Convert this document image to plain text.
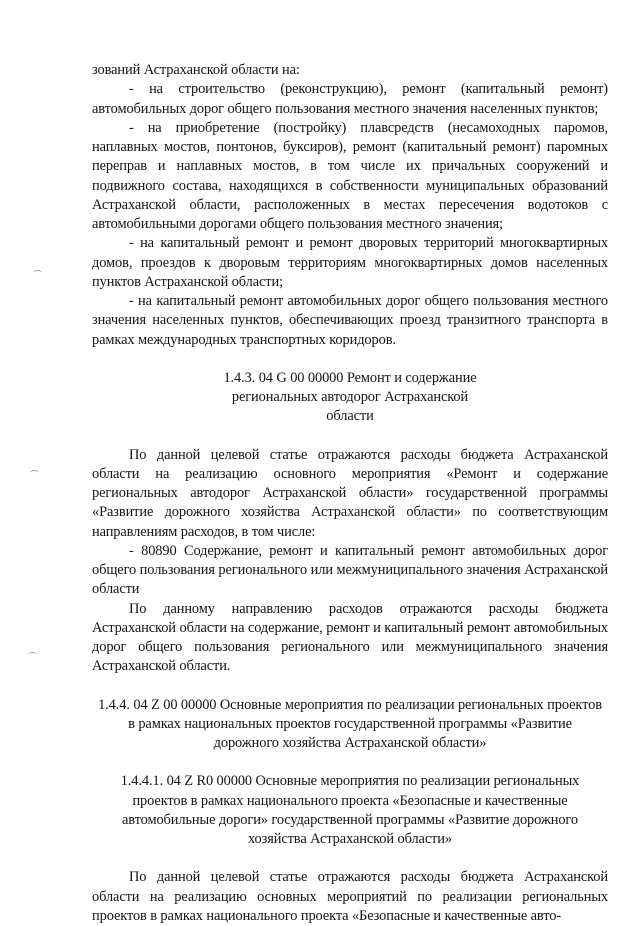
зований Астраханской области на:

- на строительство (реконструкцию), ремонт (капитальный ремонт) автомобильных дорог общего пользования местного значения населенных пунктов;

- на приобретение (постройку) плавсредств (несамоходных паромов, наплавных мостов, понтонов, буксиров), ремонт (капитальный ремонт) паромных переправ и наплавных мостов, в том числе их причальных сооружений и подвижного состава, находящихся в собственности муниципальных образований Астраханской области, расположенных в местах пересечения водотоков с автомобильными дорогами общего пользования местного значения;

- на капитальный ремонт и ремонт дворовых территорий многоквартирных домов, проездов к дворовым территориям многоквартирных домов населенных пунктов Астраханской области;

- на капитальный ремонт автомобильных дорог общего пользования местного значения населенных пунктов, обеспечивающих проезд транзитного транспорта в рамках международных транспортных коридоров.

1.4.3. 04 G 00 00000 Ремонт и содержание региональных автодорог Астраханской области

По данной целевой статье отражаются расходы бюджета Астраханской области на реализацию основного мероприятия «Ремонт и содержание региональных автодорог Астраханской области» государственной программы «Развитие дорожного хозяйства Астраханской области» по соответствующим направлениям расходов, в том числе:

- 80890 Содержание, ремонт и капитальный ремонт автомобильных дорог общего пользования регионального или межмуниципального значения Астраханской области

По данному направлению расходов отражаются расходы бюджета Астраханской области на содержание, ремонт и капитальный ремонт автомобильных дорог общего пользования регионального или межмуниципального значения Астраханской области.

1.4.4. 04 Z 00 00000 Основные мероприятия по реализации региональных проектов в рамках национальных проектов государственной программы «Развитие дорожного хозяйства Астраханской области»

1.4.4.1. 04 Z R0 00000 Основные мероприятия по реализации региональных проектов в рамках национального проекта «Безопасные и качественные автомобильные дороги» государственной программы «Развитие дорожного хозяйства Астраханской области»

По данной целевой статье отражаются расходы бюджета Астраханской области на реализацию основных мероприятий по реализации региональных проектов в рамках национального проекта «Безопасные и качественные авто-
